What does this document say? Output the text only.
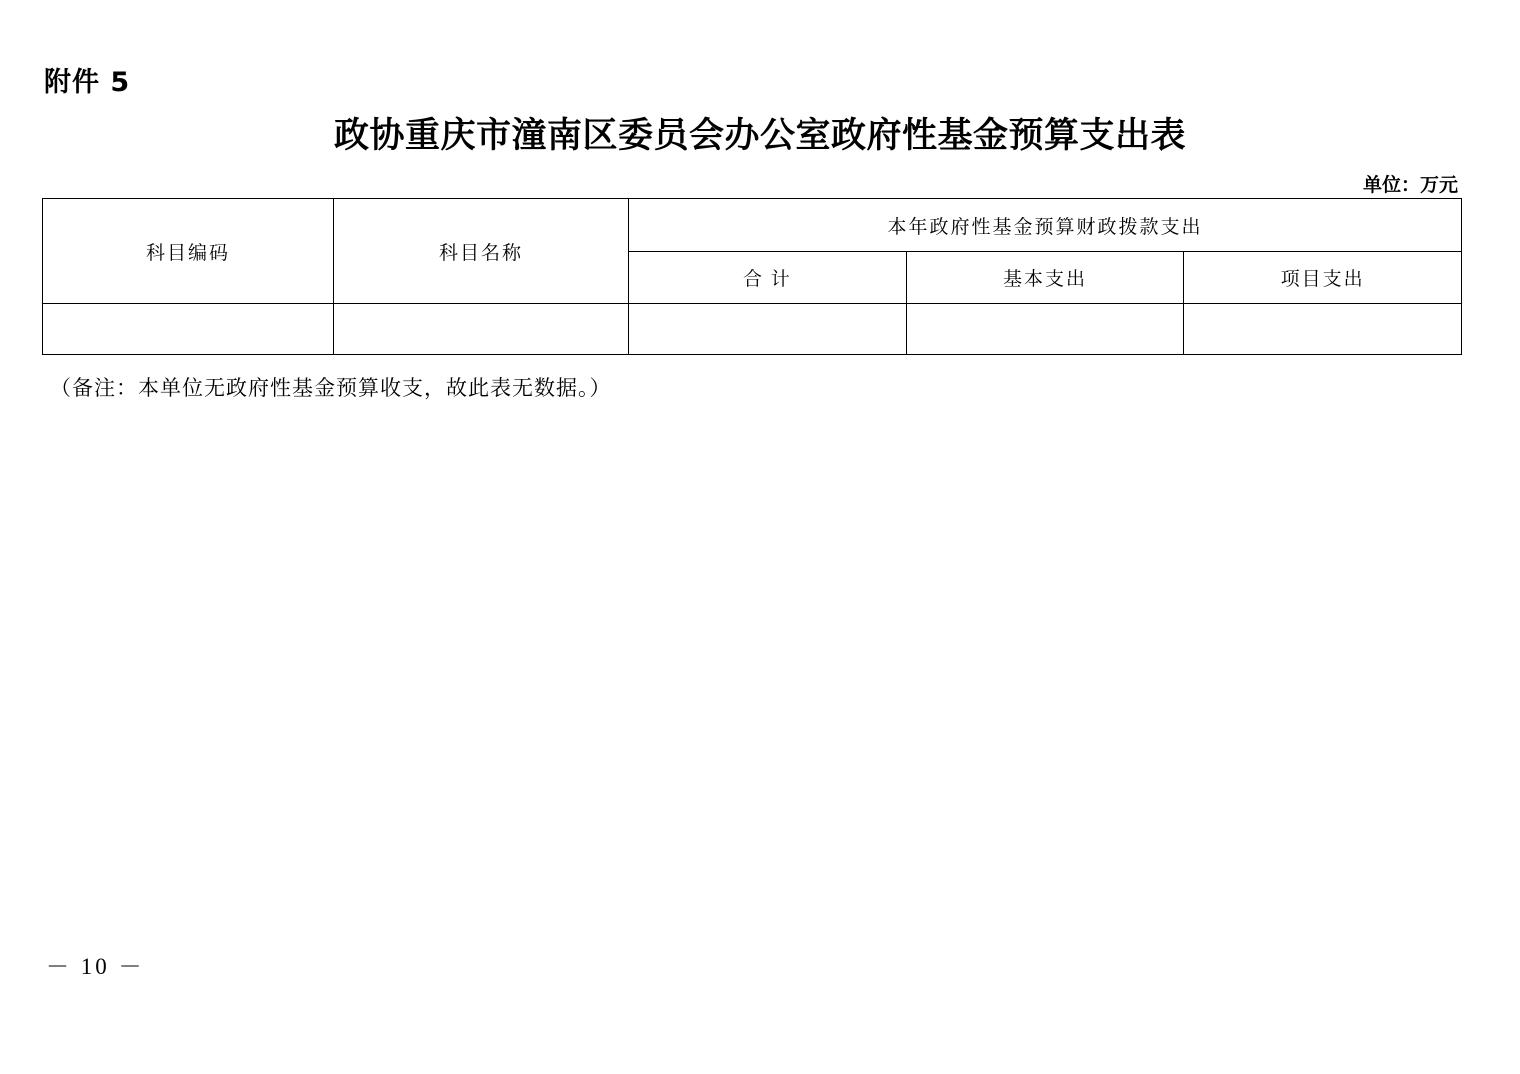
附件 5
政协重庆市潼南区委员会办公室政府性基金预算支出表
单位：万元
科目编码	科目名称	本年政府性基金预算财政拨款支出		
		合 计	基本支出	项目支出

（备注：本单位无政府性基金预算收支，故此表无数据。）
－ 10 －
